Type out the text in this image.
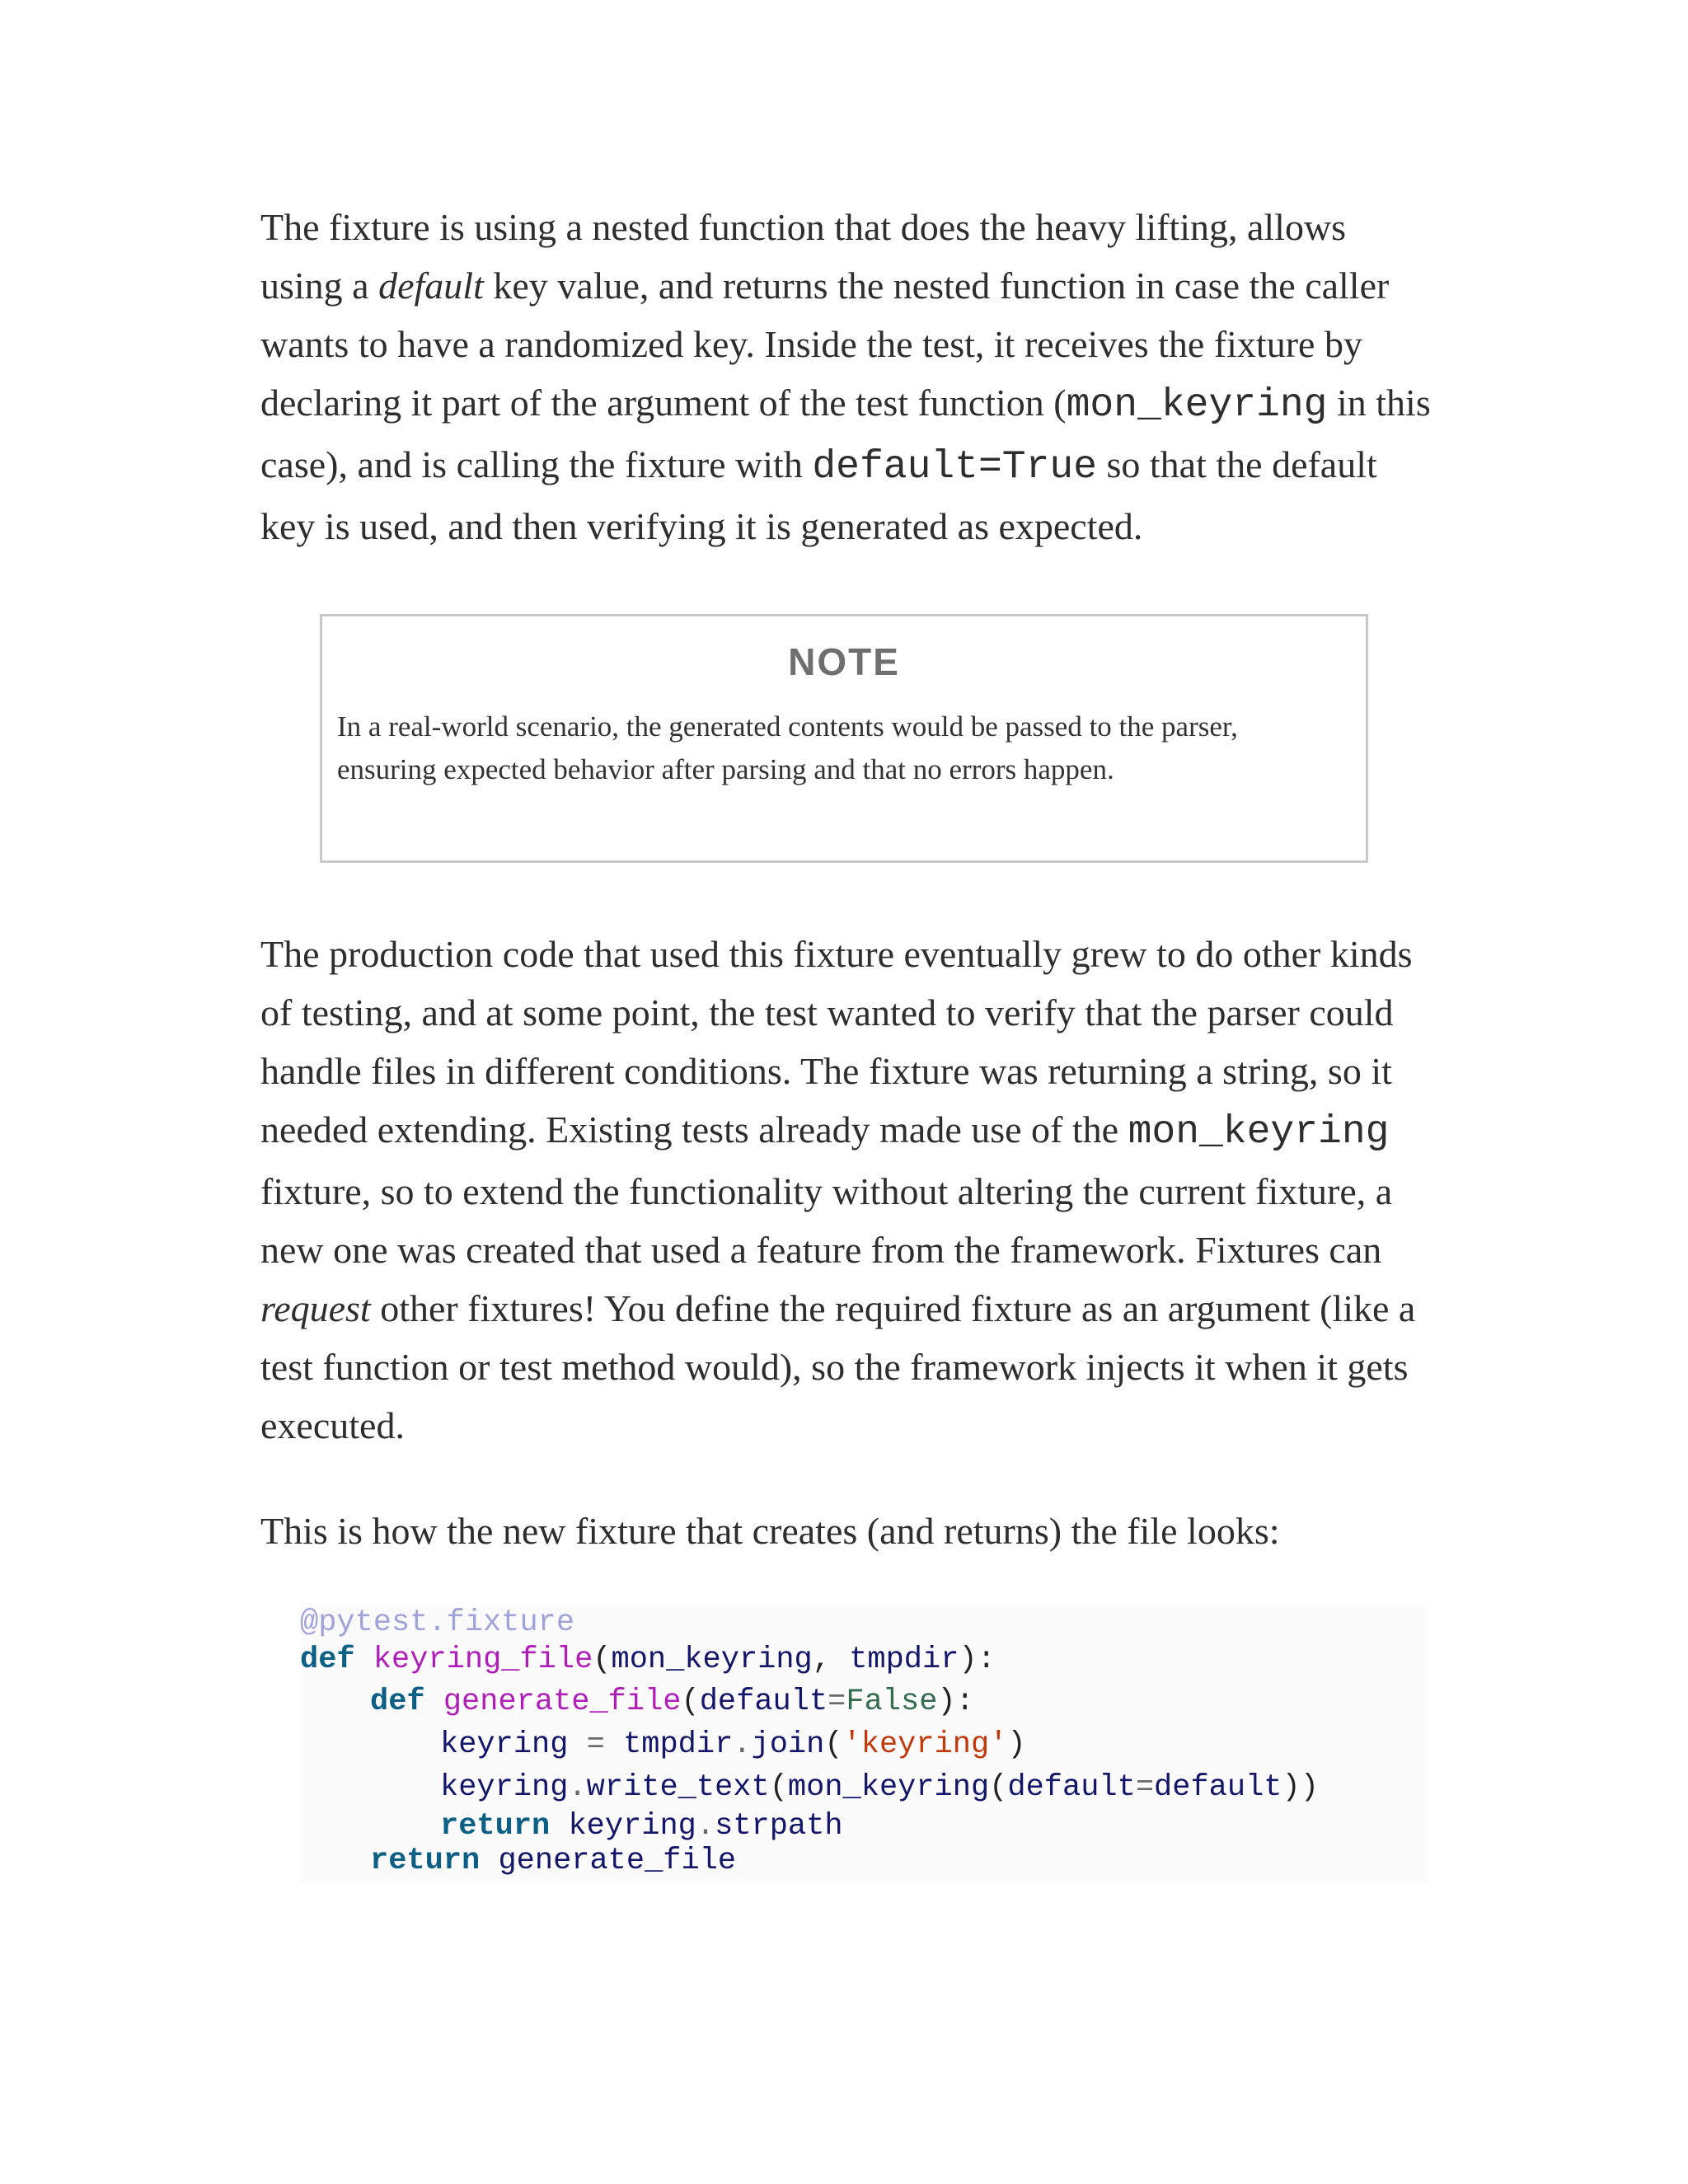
The fixture is using a nested function that does the heavy lifting, allows using a default key value, and returns the nested function in case the caller wants to have a randomized key. Inside the test, it receives the fixture by declaring it part of the argument of the test function (mon_keyring in this case), and is calling the fixture with default=True so that the default key is used, and then verifying it is generated as expected.

NOTE

In a real-world scenario, the generated contents would be passed to the parser, ensuring expected behavior after parsing and that no errors happen.

The production code that used this fixture eventually grew to do other kinds of testing, and at some point, the test wanted to verify that the parser could handle files in different conditions. The fixture was returning a string, so it needed extending. Existing tests already made use of the mon_keyring fixture, so to extend the functionality without altering the current fixture, a new one was created that used a feature from the framework. Fixtures can request other fixtures! You define the required fixture as an argument (like a test function or test method would), so the framework injects it when it gets executed.

This is how the new fixture that creates (and returns) the file looks:

@pytest.fixture
def keyring_file(mon_keyring, tmpdir):
def generate_file(default=False):
keyring = tmpdir.join('keyring')
keyring.write_text(mon_keyring(default=default))
return keyring.strpath
return generate_file
